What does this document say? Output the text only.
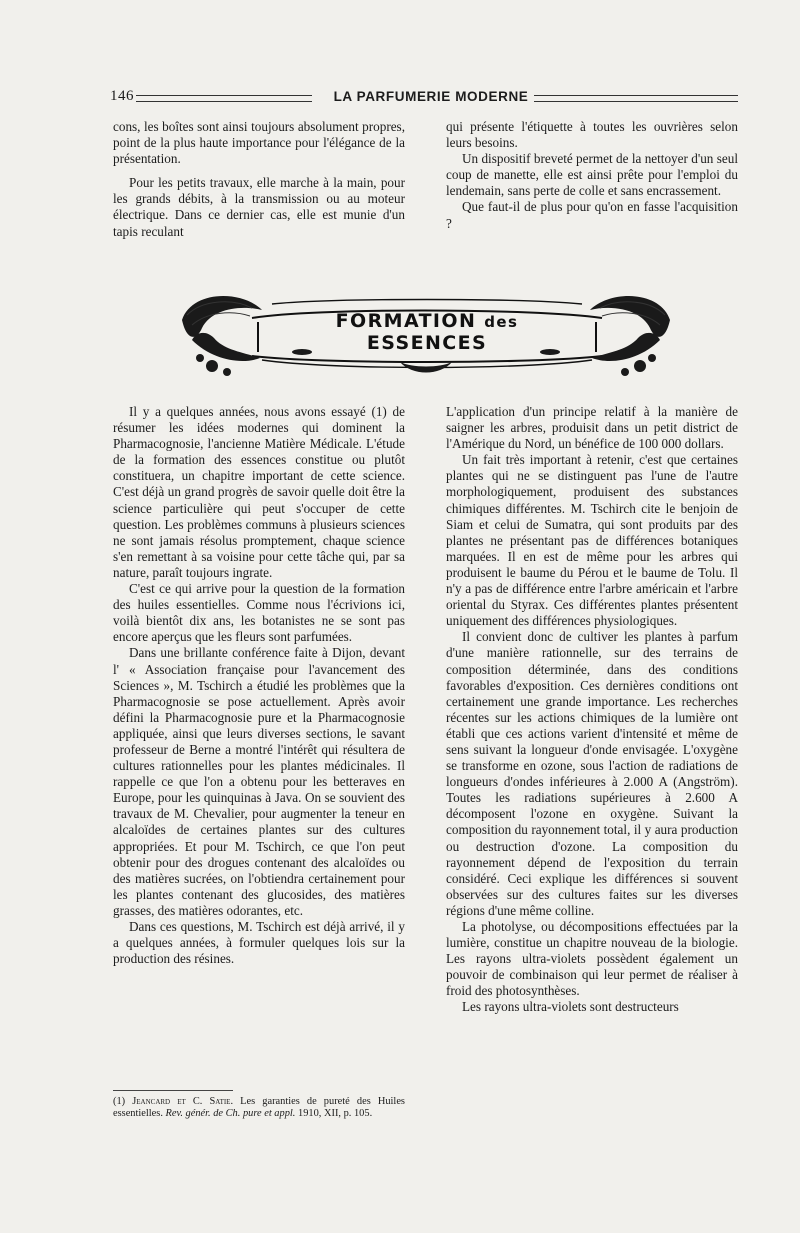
146	LA PARFUMERIE MODERNE

cons, les boîtes sont ainsi toujours absolument propres, point de la plus haute importance pour l'élégance de la présentation.

Pour les petits travaux, elle marche à la main, pour les grands débits, à la transmission ou au moteur électrique. Dans ce dernier cas, elle est munie d'un tapis reculant

qui présente l'étiquette à toutes les ouvrières selon leurs besoins.

Un dispositif breveté permet de la nettoyer d'un seul coup de manette, elle est ainsi prête pour l'emploi du lendemain, sans perte de colle et sans encrassement.

Que faut-il de plus pour qu'on en fasse l'acquisition ?

FORMATION des ESSENCES

Il y a quelques années, nous avons essayé (1) de résumer les idées modernes qui dominent la Pharmacognosie, l'ancienne Matière Médicale. L'étude de la formation des essences constitue ou plutôt constituera, un chapitre important de cette science. C'est déjà un grand progrès de savoir quelle doit être la science particulière qui peut s'occuper de cette question. Les problèmes communs à plusieurs sciences ne sont jamais résolus promptement, chaque science s'en remettant à sa voisine pour cette tâche qui, par sa nature, paraît toujours ingrate.

C'est ce qui arrive pour la question de la formation des huiles essentielles. Comme nous l'écrivions ici, voilà bientôt dix ans, les botanistes ne se sont pas encore aperçus que les fleurs sont parfumées.

Dans une brillante conférence faite à Dijon, devant l' « Association française pour l'avancement des Sciences », M. Tschirch a étudié les problèmes que la Pharmacognosie se pose actuellement. Après avoir défini la Pharmacognosie pure et la Pharmacognosie appliquée, ainsi que leurs diverses sections, le savant professeur de Berne a montré l'intérêt qui résultera de cultures rationnelles pour les plantes médicinales. Il rappelle ce que l'on a obtenu pour les betteraves en Europe, pour les quinquinas à Java. On se souvient des travaux de M. Chevalier, pour augmenter la teneur en alcaloïdes de certaines plantes sur des cultures appropriées. Et pour M. Tschirch, ce que l'on peut obtenir pour des drogues contenant des alcaloïdes ou des matières sucrées, on l'obtiendra certainement pour les plantes contenant des glucosides, des matières grasses, des matières odorantes, etc.

Dans ces questions, M. Tschirch est déjà arrivé, il y a quelques années, à formuler quelques lois sur la production des résines.

L'application d'un principe relatif à la manière de saigner les arbres, produisit dans un petit district de l'Amérique du Nord, un bénéfice de 100 000 dollars.

Un fait très important à retenir, c'est que certaines plantes qui ne se distinguent pas l'une de l'autre morphologiquement, produisent des substances chimiques différentes. M. Tschirch cite le benjoin de Siam et celui de Sumatra, qui sont produits par des plantes ne présentant pas de différences botaniques marquées. Il en est de même pour les arbres qui produisent le baume du Pérou et le baume de Tolu. Il n'y a pas de différence entre l'arbre américain et l'arbre oriental du Styrax. Ces différentes plantes présentent uniquement des différences physiologiques.

Il convient donc de cultiver les plantes à parfum d'une manière rationnelle, sur des terrains de composition déterminée, dans des conditions favorables d'exposition. Ces dernières conditions ont certainement une grande importance. Les recherches récentes sur les actions chimiques de la lumière ont établi que ces actions varient d'intensité et même de sens suivant la longueur d'onde envisagée. L'oxygène se transforme en ozone, sous l'action de radiations de longueurs d'ondes inférieures à 2.000 A (Angström). Toutes les radiations supérieures à 2.600 A décomposent l'ozone en oxygène. Suivant la composition du rayonnement total, il y aura production ou destruction d'ozone. La composition du rayonnement dépend de l'exposition du terrain considéré. Ceci explique les différences si souvent observées sur des cultures faites sur les diverses régions d'une même colline.

La photolyse, ou décompositions effectuées par la lumière, constitue un chapitre nouveau de la biologie. Les rayons ultra-violets possèdent également un pouvoir de combinaison qui leur permet de réaliser à froid des photosynthèses.

Les rayons ultra-violets sont destructeurs

(1) Jeancard et C. Satie. Les garanties de pureté des Huiles essentielles. Rev. génér. de Ch. pure et appl. 1910, XII, p. 105.
